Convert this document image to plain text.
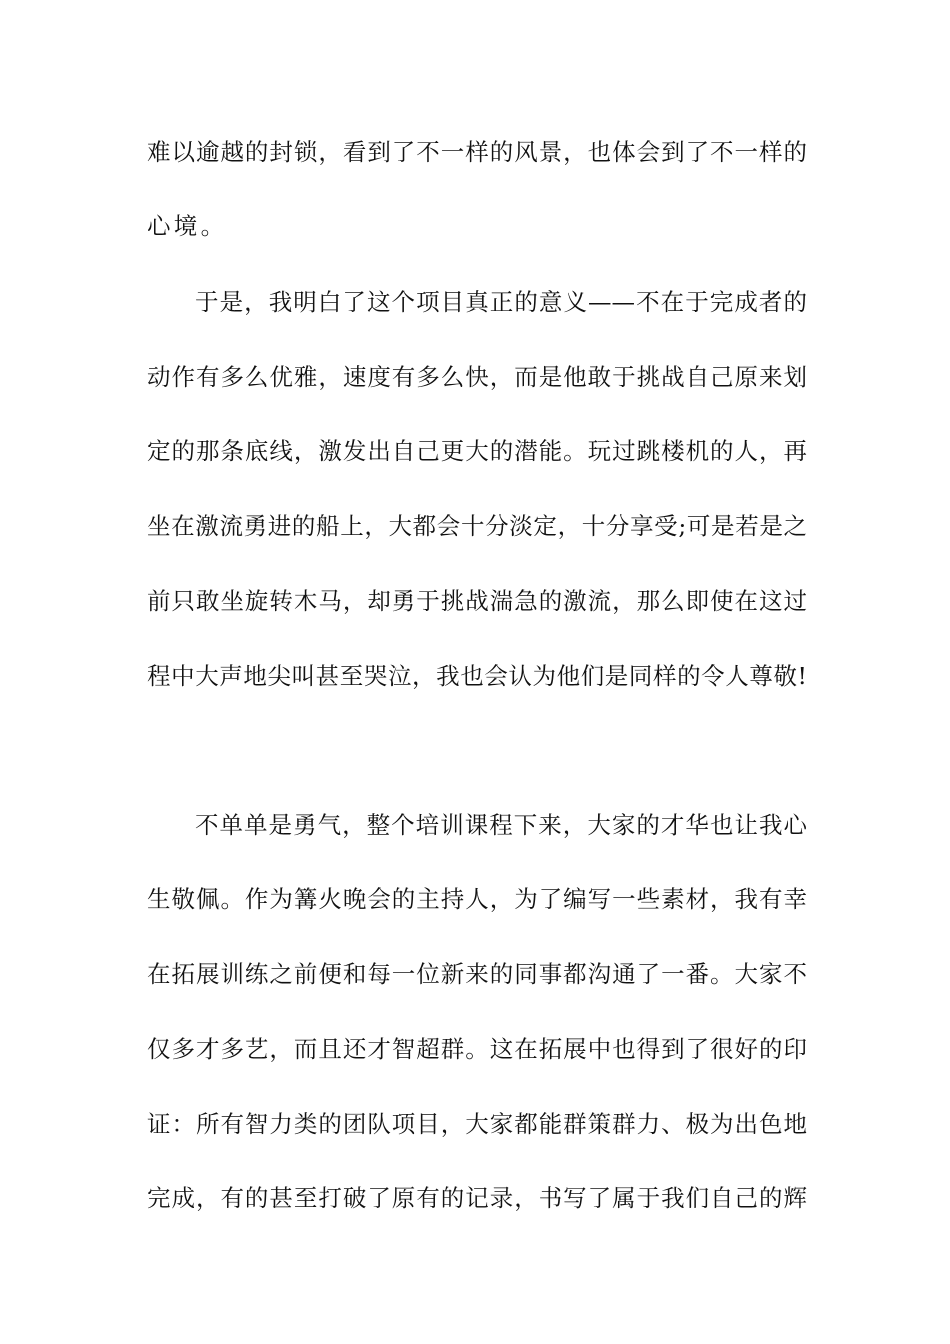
难以逾越的封锁，看到了不一样的风景，也体会到了不一样的
心境。
于是，我明白了这个项目真正的意义——不在于完成者的
动作有多么优雅，速度有多么快，而是他敢于挑战自己原来划
定的那条底线，激发出自己更大的潜能。玩过跳楼机的人，再
坐在激流勇进的船上，大都会十分淡定，十分享受;可是若是之
前只敢坐旋转木马，却勇于挑战湍急的激流，那么即使在这过
程中大声地尖叫甚至哭泣，我也会认为他们是同样的令人尊敬!
不单单是勇气，整个培训课程下来，大家的才华也让我心
生敬佩。作为篝火晚会的主持人，为了编写一些素材，我有幸
在拓展训练之前便和每一位新来的同事都沟通了一番。大家不
仅多才多艺，而且还才智超群。这在拓展中也得到了很好的印
证：所有智力类的团队项目，大家都能群策群力、极为出色地
完成，有的甚至打破了原有的记录，书写了属于我们自己的辉
